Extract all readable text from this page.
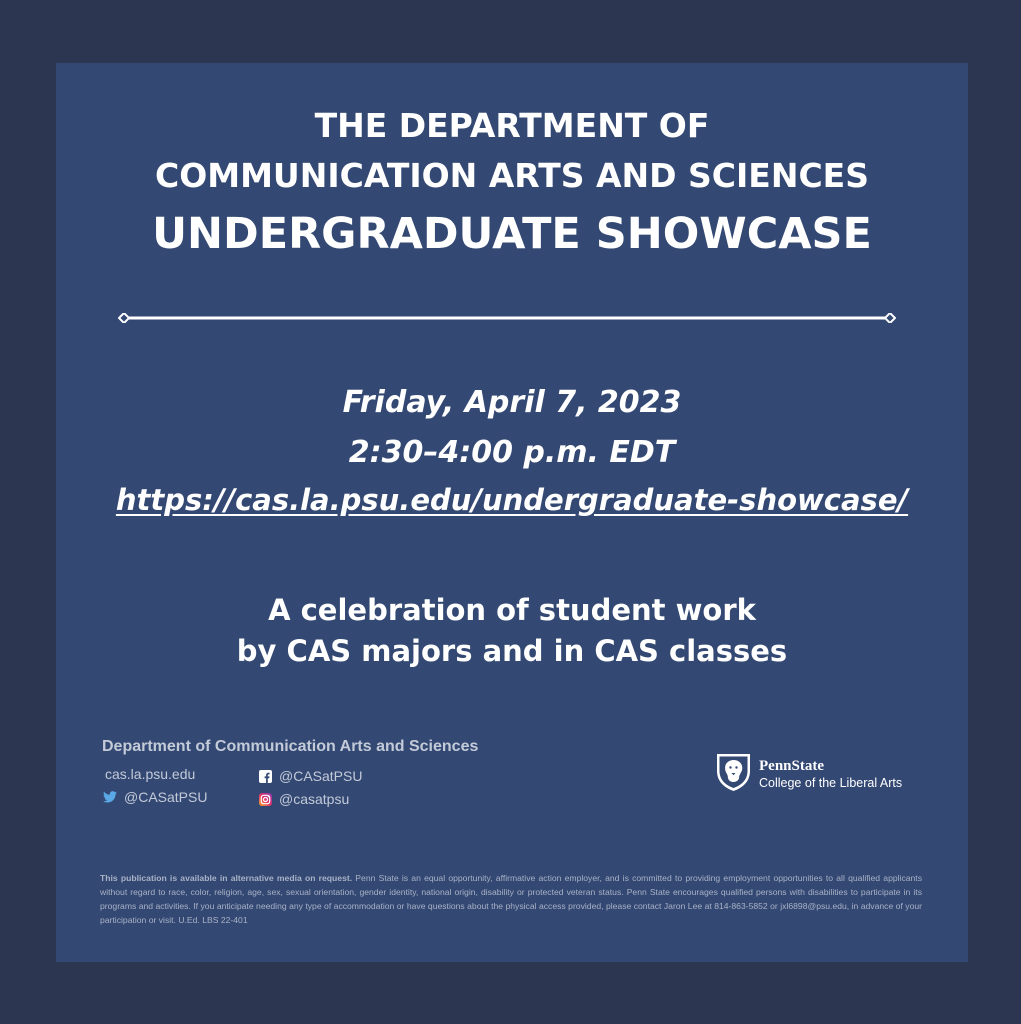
THE DEPARTMENT OF
COMMUNICATION ARTS AND SCIENCES
UNDERGRADUATE SHOWCASE

Friday, April 7, 2023

2:30–4:00 p.m. EDT

https://cas.la.psu.edu/undergraduate-showcase/

A celebration of student work

by CAS majors and in CAS classes

Department of Communication Arts and Sciences
cas.la.psu.edu
@CASatPSU
@CASatPSU
@casatpsu
PennState
College of the Liberal Arts

This publication is available in alternative media on request. Penn State is an equal opportunity, affirmative action employer, and is committed to providing employment opportunities to all qualified applicants without regard to race, color, religion, age, sex, sexual orientation, gender identity, national origin, disability or protected veteran status. Penn State encourages qualified persons with disabilities to participate in its programs and activities. If you anticipate needing any type of accommodation or have questions about the physical access provided, please contact Jaron Lee at 814-863-5852 or jxl6898@psu.edu, in advance of your participation or visit. U.Ed. LBS 22-401
